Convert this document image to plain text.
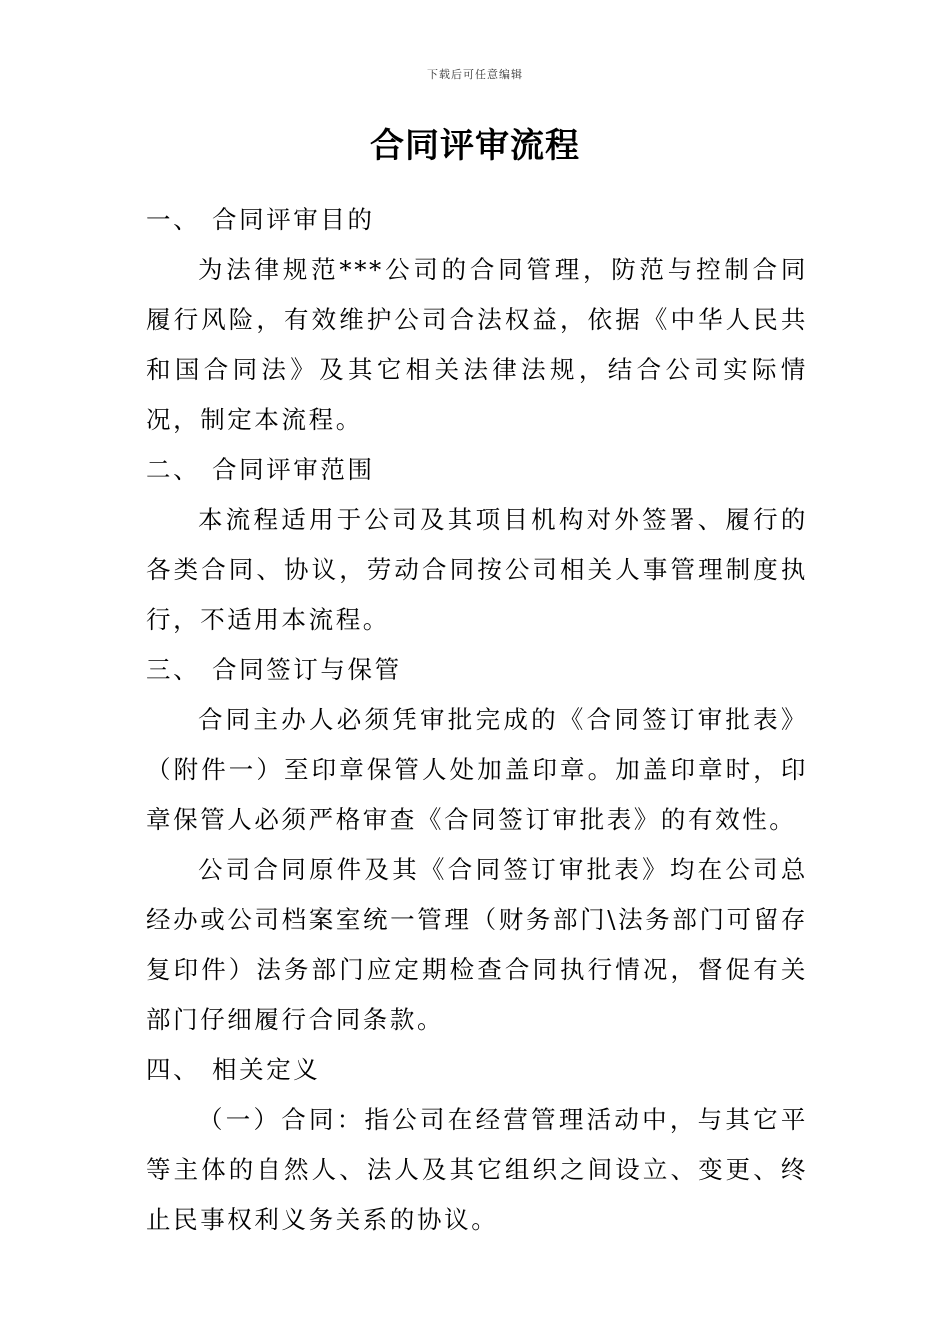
下载后可任意编辑
合同评审流程

一、 合同评审目的

为法律规范***公司的合同管理，防范与控制合同履行风险，有效维护公司合法权益，依据《中华人民共和国合同法》及其它相关法律法规，结合公司实际情况，制定本流程。

二、 合同评审范围

本流程适用于公司及其项目机构对外签署、履行的各类合同、协议，劳动合同按公司相关人事管理制度执行，不适用本流程。

三、 合同签订与保管

合同主办人必须凭审批完成的《合同签订审批表》（附件一）至印章保管人处加盖印章。加盖印章时，印章保管人必须严格审查《合同签订审批表》的有效性。

公司合同原件及其《合同签订审批表》均在公司总经办或公司档案室统一管理（财务部门\法务部门可留存复印件）法务部门应定期检查合同执行情况，督促有关部门仔细履行合同条款。

四、 相关定义

（一）合同：指公司在经营管理活动中，与其它平等主体的自然人、法人及其它组织之间设立、变更、终止民事权利义务关系的协议。
